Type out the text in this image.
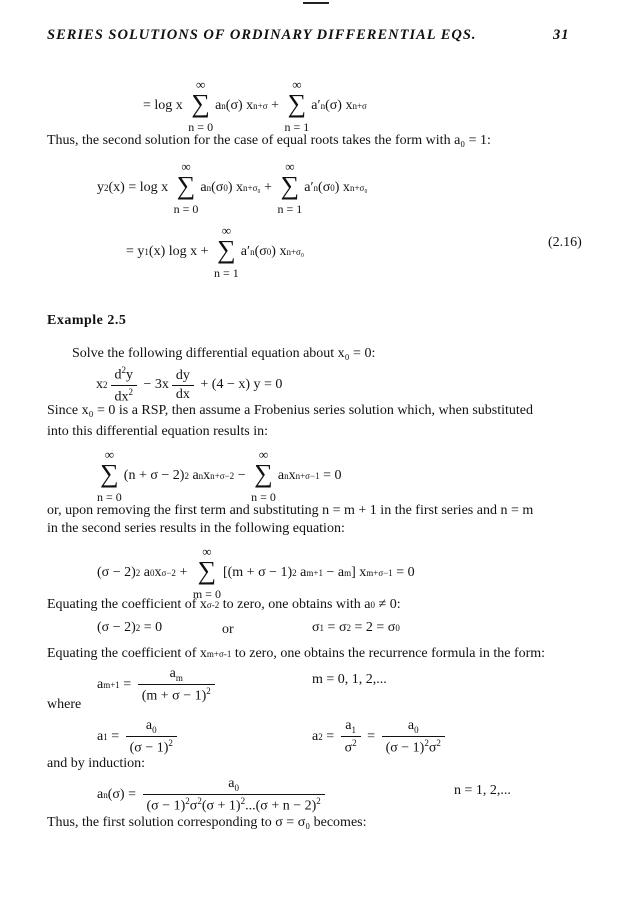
SERIES SOLUTIONS OF ORDINARY DIFFERENTIAL EQS.	31
= log x
∞
∑
n = 0
a n (σ) x n+σ +
∞
∑
n = 1
a′ n (σ) x n+σ
Thus, the second solution for the case of equal roots takes the form with a₀ = 1:
y 2 (x) = log x
∞
∑
n = 0
a n (σ 0 ) x n+σ₀ +
∞
∑
n = 1
a′ n (σ 0 ) x n+σ₀
= y 1 (x) log x +
∞
∑
n = 1
a′ n (σ 0 ) x n+σ₀
(2.16)
Example 2.5
Solve the following differential equation about x₀ = 0:
x $2 \frac{d^2y}{dx^2} - 3x \frac{dy}{dx} + (4 - x) y = 0$
Since x₀ = 0 is a RSP, then assume a Frobenius series solution which, when substituted
into this differential equation results in:
∞
∑
n = 0
(n + σ − 2) 2 a n x n+σ−2 −
∞
∑
n = 0
a n x n+σ−1 = 0
or, upon removing the first term and substituting n = m + 1 in the first series and n = m
in the second series results in the following equation:
(σ − 2) 2 a 0 x σ−2 +
∞
∑
m = 0
[(m + σ − 1) 2 a m+1 − a m ] x m+σ−1 = 0
Equating the coefficient of x σ-2 to zero, one obtains with a 0 ≠ 0:
(σ − 2) 2 = 0	or	σ 1 = σ 2 = 2 = σ 0
Equating the coefficient of x m+σ-1 to zero, one obtains the recurrence formula in the form:
a $m+1 = \frac{a_m}{(m + \sigma - 1)^2}$	m = 0, 1, 2,...
where
a $1 = \frac{a_0}{(\sigma - 1)^2}$	a $2 = \frac{a_1}{\sigma^2} = \frac{a_0}{(\sigma - 1)^2\sigma^2}$
and by induction:
a n $(\sigma) = \frac{a_0}{(\sigma - 1)^2\sigma^2(\sigma + 1)^2...(\sigma + n - 2)^2}$	n = 1, 2,...
Thus, the first solution corresponding to σ = σ₀ becomes:
